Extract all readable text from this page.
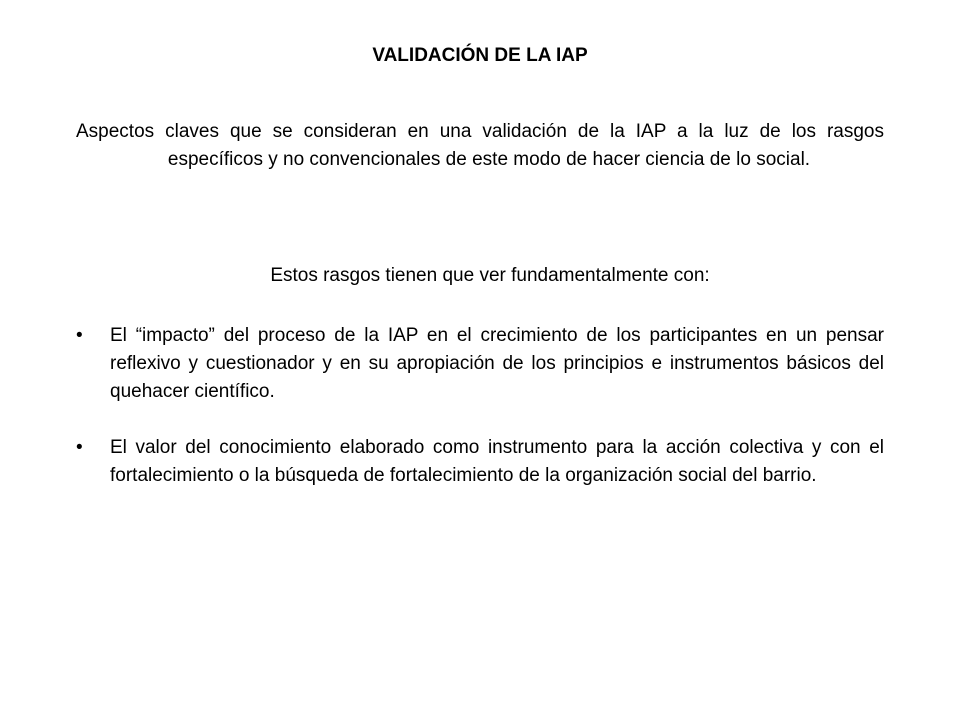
VALIDACIÓN DE LA IAP
Aspectos claves que se consideran en una validación de la IAP a la luz de los rasgos específicos y no convencionales de este modo de hacer ciencia de lo social.
Estos rasgos tienen que ver fundamentalmente con:
• El “impacto” del proceso de la IAP en el crecimiento de los participantes en un pensar reflexivo y cuestionador y en su apropiación de los principios e instrumentos básicos del quehacer científico.
• El valor del conocimiento elaborado como instrumento para la acción colectiva y con el fortalecimiento o la búsqueda de fortalecimiento de la organización social del barrio.
